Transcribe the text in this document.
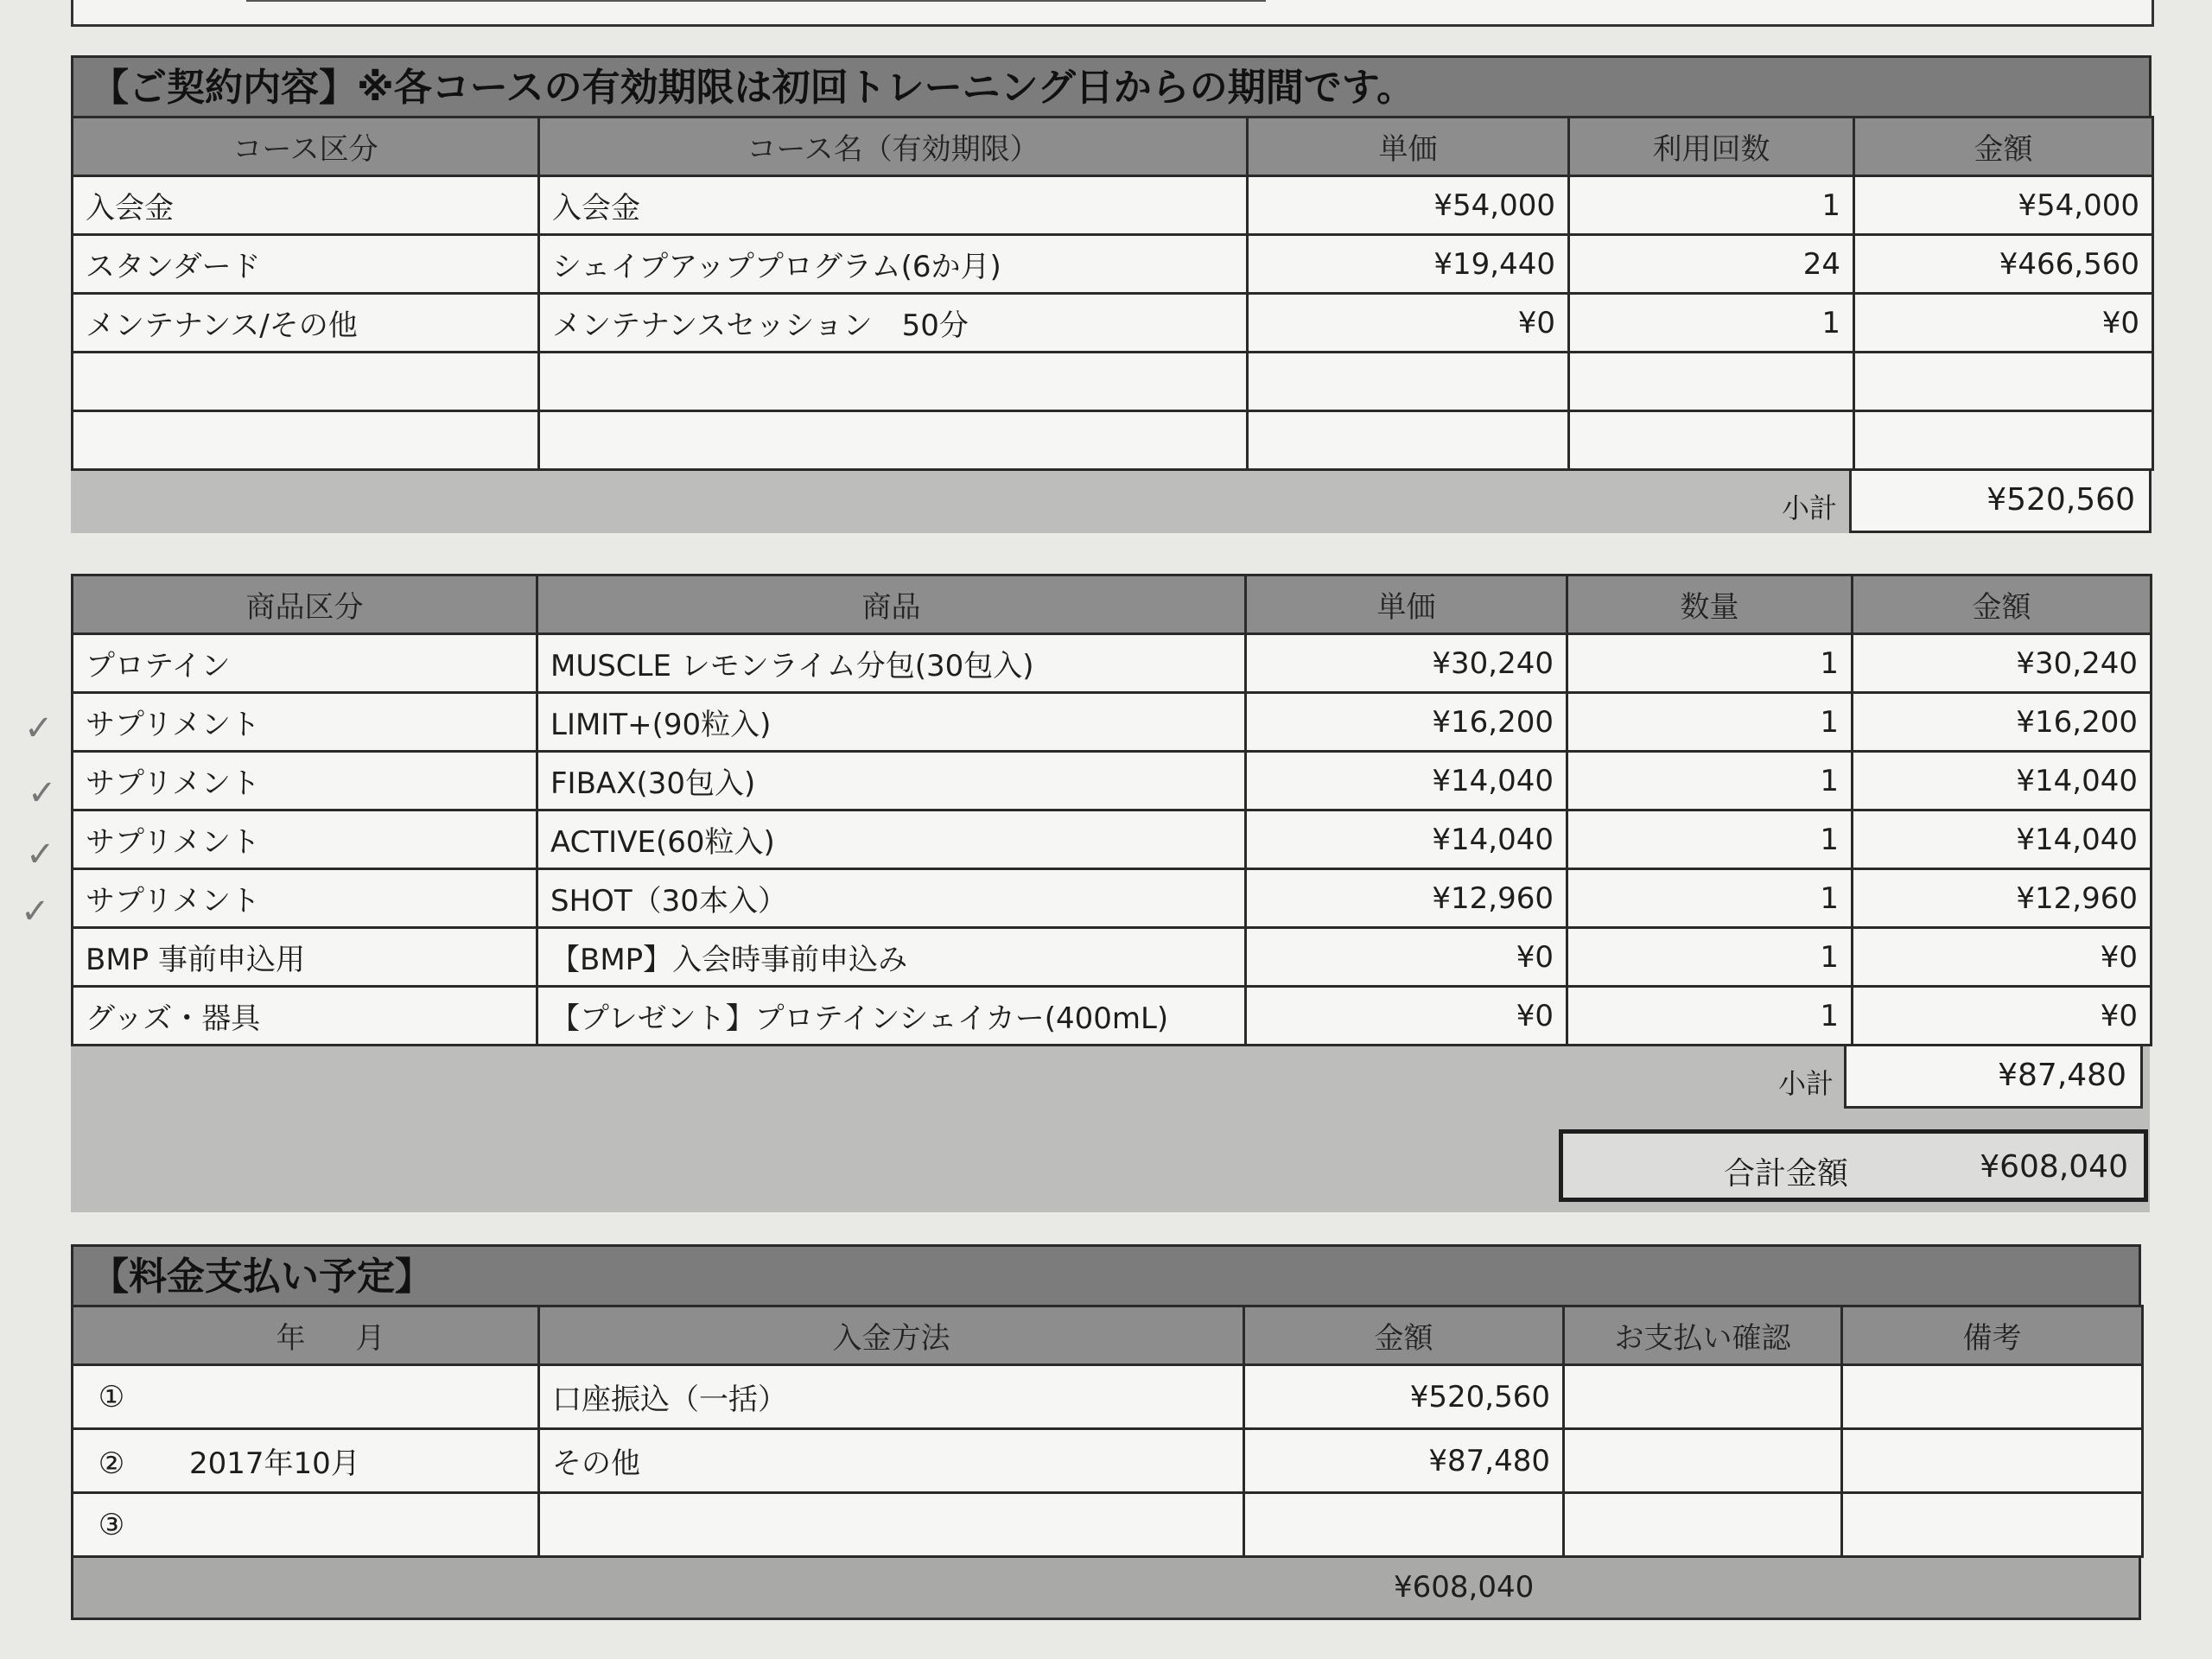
【ご契約内容】※各コースの有効期限は初回トレーニング日からの期間です。
コース区分	コース名（有効期限）	単価	利用回数	金額
入会金	入会金	¥54,000	1	¥54,000
スタンダード	シェイプアッププログラム(6か月)	¥19,440	24	¥466,560
メンテナンス/その他	メンテナンスセッション　50分	¥0	1	¥0

小計	¥520,560
商品区分	商品	単価	数量	金額
プロテイン	MUSCLE レモンライム分包(30包入)	¥30,240	1	¥30,240
サプリメント	LIMIT+(90粒入)	¥16,200	1	¥16,200
サプリメント	FIBAX(30包入)	¥14,040	1	¥14,040
サプリメント	ACTIVE(60粒入)	¥14,040	1	¥14,040
サプリメント	SHOT（30本入）	¥12,960	1	¥12,960
BMP 事前申込用	【BMP】入会時事前申込み	¥0	1	¥0
グッズ・器具	【プレゼント】プロテインシェイカー(400mL)	¥0	1	¥0
小計	¥87,480
合計金額	¥608,040
✓
✓
✓
✓
【料金支払い予定】
年 月	入金方法	金額	お支払い確認	備考
①	口座振込（一括）	¥520,560		
② 2017年10月	その他	¥87,480		
③				
¥608,040
